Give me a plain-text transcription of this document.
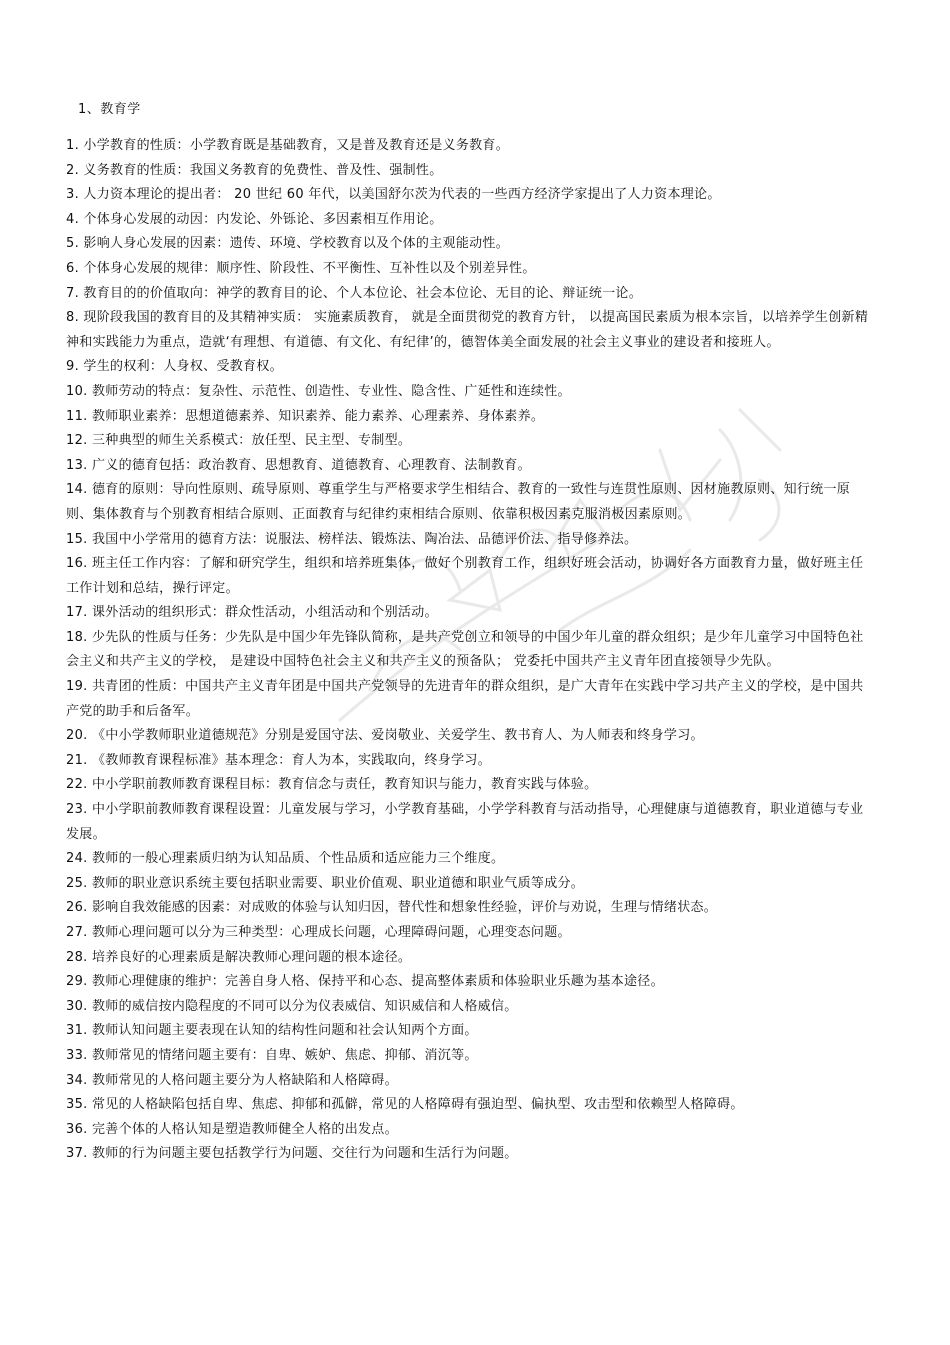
1、教育学
1. 小学教育的性质：小学教育既是基础教育，又是普及教育还是义务教育。
2. 义务教育的性质：我国义务教育的免费性、普及性、强制性。
3. 人力资本理论的提出者： 20 世纪 60 年代，以美国舒尔茨为代表的一些西方经济学家提出了人力资本理论。
4. 个体身心发展的动因：内发论、外铄论、多因素相互作用论。
5. 影响人身心发展的因素：遗传、环境、学校教育以及个体的主观能动性。
6. 个体身心发展的规律：顺序性、阶段性、不平衡性、互补性以及个别差异性。
7. 教育目的的价值取向：神学的教育目的论、个人本位论、社会本位论、无目的论、辩证统一论。
8. 现阶段我国的教育目的及其精神实质： 实施素质教育， 就是全面贯彻党的教育方针， 以提高国民素质为根本宗旨，以培养学生创新精神和实践能力为重点，造就‘有理想、有道德、有文化、有纪律’的，德智体美全面发展的社会主义事业的建设者和接班人。
9. 学生的权利：人身权、受教育权。
10. 教师劳动的特点：复杂性、示范性、创造性、专业性、隐含性、广延性和连续性。
11. 教师职业素养：思想道德素养、知识素养、能力素养、心理素养、身体素养。
12. 三种典型的师生关系模式：放任型、民主型、专制型。
13. 广义的德育包括：政治教育、思想教育、道德教育、心理教育、法制教育。
14. 德育的原则：导向性原则、疏导原则、尊重学生与严格要求学生相结合、教育的一致性与连贯性原则、因材施教原则、知行统一原则、集体教育与个别教育相结合原则、正面教育与纪律约束相结合原则、依靠积极因素克服消极因素原则。
15. 我国中小学常用的德育方法：说服法、榜样法、锻炼法、陶冶法、品德评价法、指导修养法。
16. 班主任工作内容：了解和研究学生，组织和培养班集体，做好个别教育工作，组织好班会活动，协调好各方面教育力量，做好班主任工作计划和总结，操行评定。
17. 课外活动的组织形式：群众性活动，小组活动和个别活动。
18. 少先队的性质与任务：少先队是中国少年先锋队简称，是共产党创立和领导的中国少年儿童的群众组织；是少年儿童学习中国特色社会主义和共产主义的学校， 是建设中国特色社会主义和共产主义的预备队； 党委托中国共产主义青年团直接领导少先队。
19. 共青团的性质：中国共产主义青年团是中国共产党领导的先进青年的群众组织，是广大青年在实践中学习共产主义的学校，是中国共产党的助手和后备军。
20. 《中小学教师职业道德规范》分别是爱国守法、爱岗敬业、关爱学生、教书育人、为人师表和终身学习。
21. 《教师教育课程标准》基本理念：育人为本，实践取向，终身学习。
22. 中小学职前教师教育课程目标：教育信念与责任，教育知识与能力，教育实践与体验。
23. 中小学职前教师教育课程设置：儿童发展与学习，小学教育基础，小学学科教育与活动指导，心理健康与道德教育，职业道德与专业发展。
24. 教师的一般心理素质归纳为认知品质、个性品质和适应能力三个维度。
25. 教师的职业意识系统主要包括职业需要、职业价值观、职业道德和职业气质等成分。
26. 影响自我效能感的因素：对成败的体验与认知归因，替代性和想象性经验，评价与劝说，生理与情绪状态。
27. 教师心理问题可以分为三种类型：心理成长问题，心理障碍问题，心理变态问题。
28. 培养良好的心理素质是解决教师心理问题的根本途径。
29. 教师心理健康的维护：完善自身人格、保持平和心态、提高整体素质和体验职业乐趣为基本途径。
30. 教师的威信按内隐程度的不同可以分为仪表威信、知识威信和人格威信。
31. 教师认知问题主要表现在认知的结构性问题和社会认知两个方面。
33. 教师常见的情绪问题主要有：自卑、嫉妒、焦虑、抑郁、消沉等。
34. 教师常见的人格问题主要分为人格缺陷和人格障碍。
35. 常见的人格缺陷包括自卑、焦虑、抑郁和孤僻，常见的人格障碍有强迫型、偏执型、攻击型和依赖型人格障碍。
36. 完善个体的人格认知是塑造教师健全人格的出发点。
37. 教师的行为问题主要包括教学行为问题、交往行为问题和生活行为问题。
